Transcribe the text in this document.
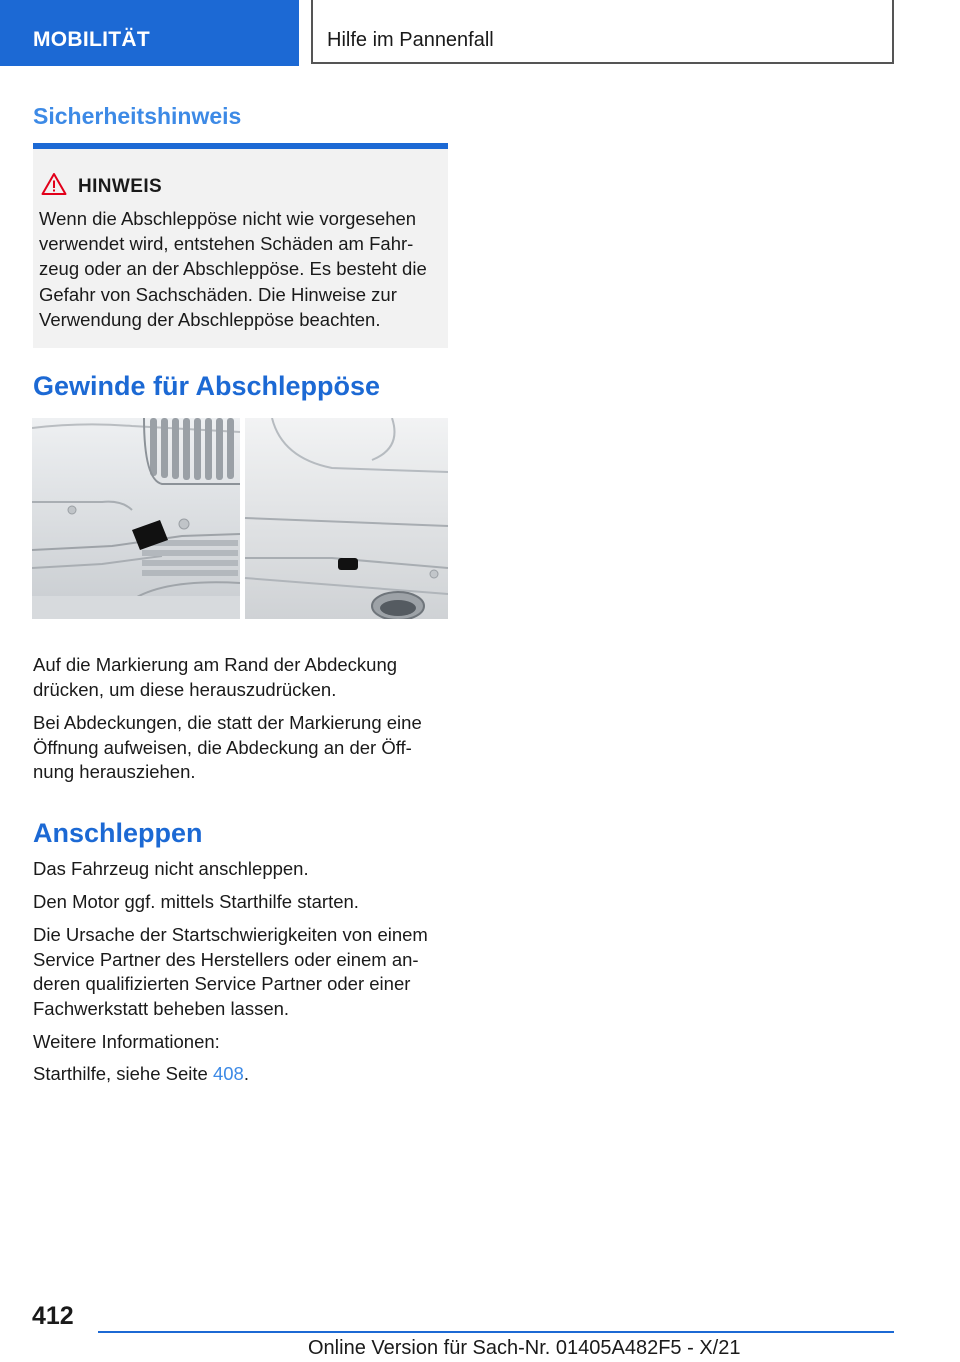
MOBILITÄT	Hilfe im Pannenfall
Sicherheitshinweis
HINWEIS
Wenn die Abschleppöse nicht wie vorgesehen
verwendet wird, entstehen Schäden am Fahr-
zeug oder an der Abschleppöse. Es besteht die
Gefahr von Sachschäden. Die Hinweise zur
Verwendung der Abschleppöse beachten.
Gewinde für Abschleppöse
Auf die Markierung am Rand der Abdeckung
drücken, um diese herauszudrücken.
Bei Abdeckungen, die statt der Markierung eine
Öffnung aufweisen, die Abdeckung an der Öff-
nung herausziehen.
Anschleppen
Das Fahrzeug nicht anschleppen.
Den Motor ggf. mittels Starthilfe starten.
Die Ursache der Startschwierigkeiten von einem
Service Partner des Herstellers oder einem an-
deren qualifizierten Service Partner oder einer
Fachwerkstatt beheben lassen.
Weitere Informationen:
Starthilfe, siehe Seite 408.
412
Online Version für Sach-Nr. 01405A482F5 - X/21
